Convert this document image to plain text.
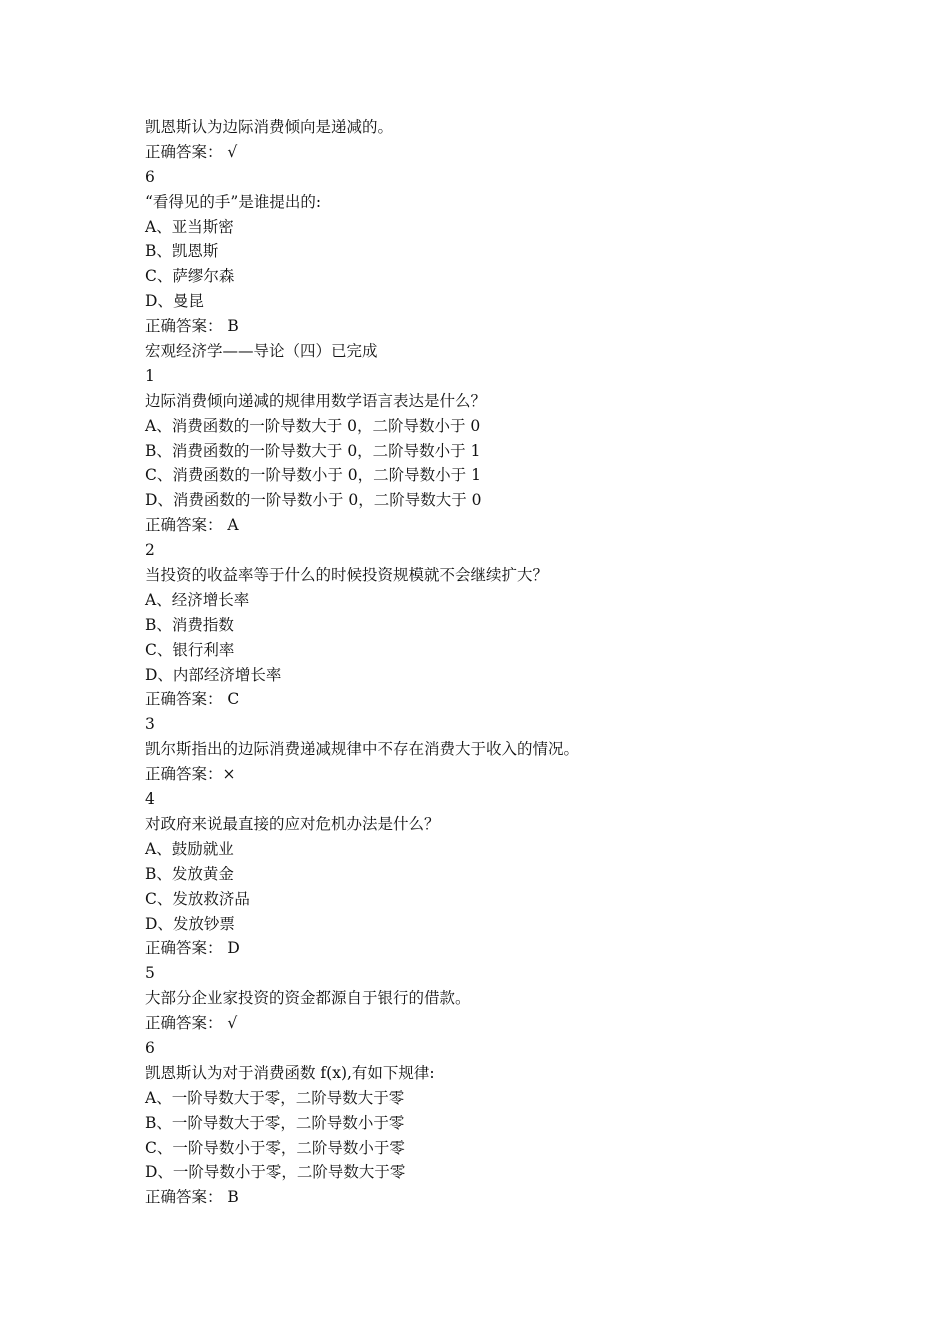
凯恩斯认为边际消费倾向是递减的。
正确答案： √
6
“看得见的手”是谁提出的:
A、亚当斯密
B、凯恩斯
C、萨缪尔森
D、曼昆
正确答案： B
宏观经济学——导论（四）已完成
1
边际消费倾向递减的规律用数学语言表达是什么？
A、消费函数的一阶导数大于 0，二阶导数小于 0
B、消费函数的一阶导数大于 0，二阶导数小于 1
C、消费函数的一阶导数小于 0，二阶导数小于 1
D、消费函数的一阶导数小于 0，二阶导数大于 0
正确答案： A
2
当投资的收益率等于什么的时候投资规模就不会继续扩大？
A、经济增长率
B、消费指数
C、银行利率
D、内部经济增长率
正确答案： C
3
凯尔斯指出的边际消费递减规律中不存在消费大于收入的情况。
正确答案：×
4
对政府来说最直接的应对危机办法是什么？
A、鼓励就业
B、发放黄金
C、发放救济品
D、发放钞票
正确答案： D
5
大部分企业家投资的资金都源自于银行的借款。
正确答案： √
6
凯恩斯认为对于消费函数 f(x),有如下规律:
A、一阶导数大于零，二阶导数大于零
B、一阶导数大于零，二阶导数小于零
C、一阶导数小于零，二阶导数小于零
D、一阶导数小于零，二阶导数大于零
正确答案： B
